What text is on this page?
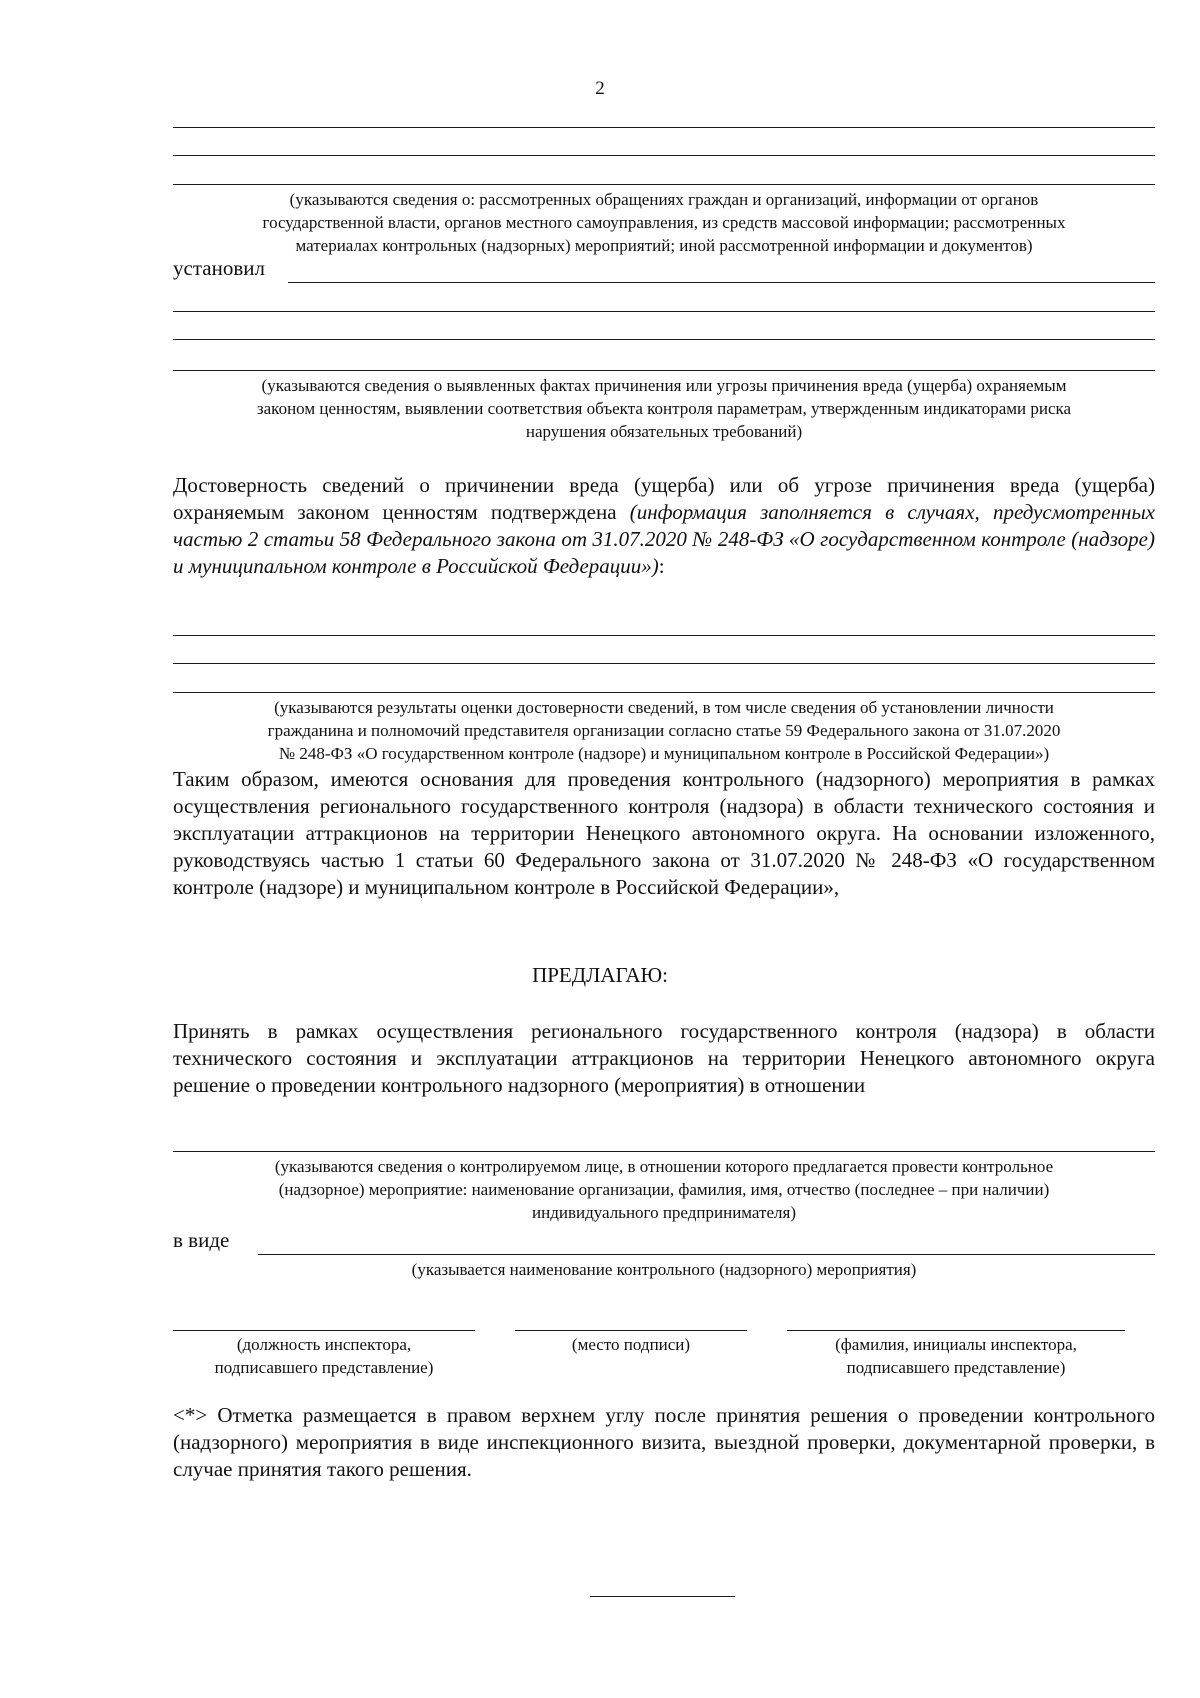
2
(указываются сведения о: рассмотренных обращениях граждан и организаций, информации от органов
государственной власти, органов местного самоуправления, из средств массовой информации; рассмотренных
материалах контрольных (надзорных) мероприятий; иной рассмотренной информации и документов)
установил
(указываются сведения о выявленных фактах причинения или угрозы причинения вреда (ущерба) охраняемым
законом ценностям, выявлении соответствия объекта контроля параметрам, утвержденным индикаторами риска
нарушения обязательных требований)
Достоверность сведений о причинении вреда (ущерба) или об угрозе причинения вреда (ущерба) охраняемым законом ценностям подтверждена (информация заполняется в случаях, предусмотренных частью 2 статьи 58 Федерального закона от 31.07.2020 № 248-ФЗ «О государственном контроле (надзоре) и муниципальном контроле в Российской Федерации»):
(указываются результаты оценки достоверности сведений, в том числе сведения об установлении личности
гражданина и полномочий представителя организации согласно статье 59 Федерального закона от 31.07.2020
№ 248-ФЗ «О государственном контроле (надзоре) и муниципальном контроле в Российской Федерации»)
Таким образом, имеются основания для проведения контрольного (надзорного) мероприятия в рамках осуществления регионального государственного контроля (надзора) в области технического состояния и эксплуатации аттракционов на территории Ненецкого автономного округа. На основании изложенного, руководствуясь частью 1 статьи 60 Федерального закона от 31.07.2020 № 248-ФЗ «О государственном контроле (надзоре) и муниципальном контроле в Российской Федерации»,
ПРЕДЛАГАЮ:
Принять в рамках осуществления регионального государственного контроля (надзора) в области технического состояния и эксплуатации аттракционов на территории Ненецкого автономного округа решение о проведении контрольного надзорного (мероприятия) в отношении
(указываются сведения о контролируемом лице, в отношении которого предлагается провести контрольное
(надзорное) мероприятие: наименование организации, фамилия, имя, отчество (последнее – при наличии)
индивидуального предпринимателя)
в виде
(указывается наименование контрольного (надзорного) мероприятия)
(должность инспектора,
подписавшего представление)
(место подписи)	(фамилия, инициалы инспектора,
подписавшего представление)
<*> Отметка размещается в правом верхнем углу после принятия решения о проведении контрольного (надзорного) мероприятия в виде инспекционного визита, выездной проверки, документарной проверки, в случае принятия такого решения.
